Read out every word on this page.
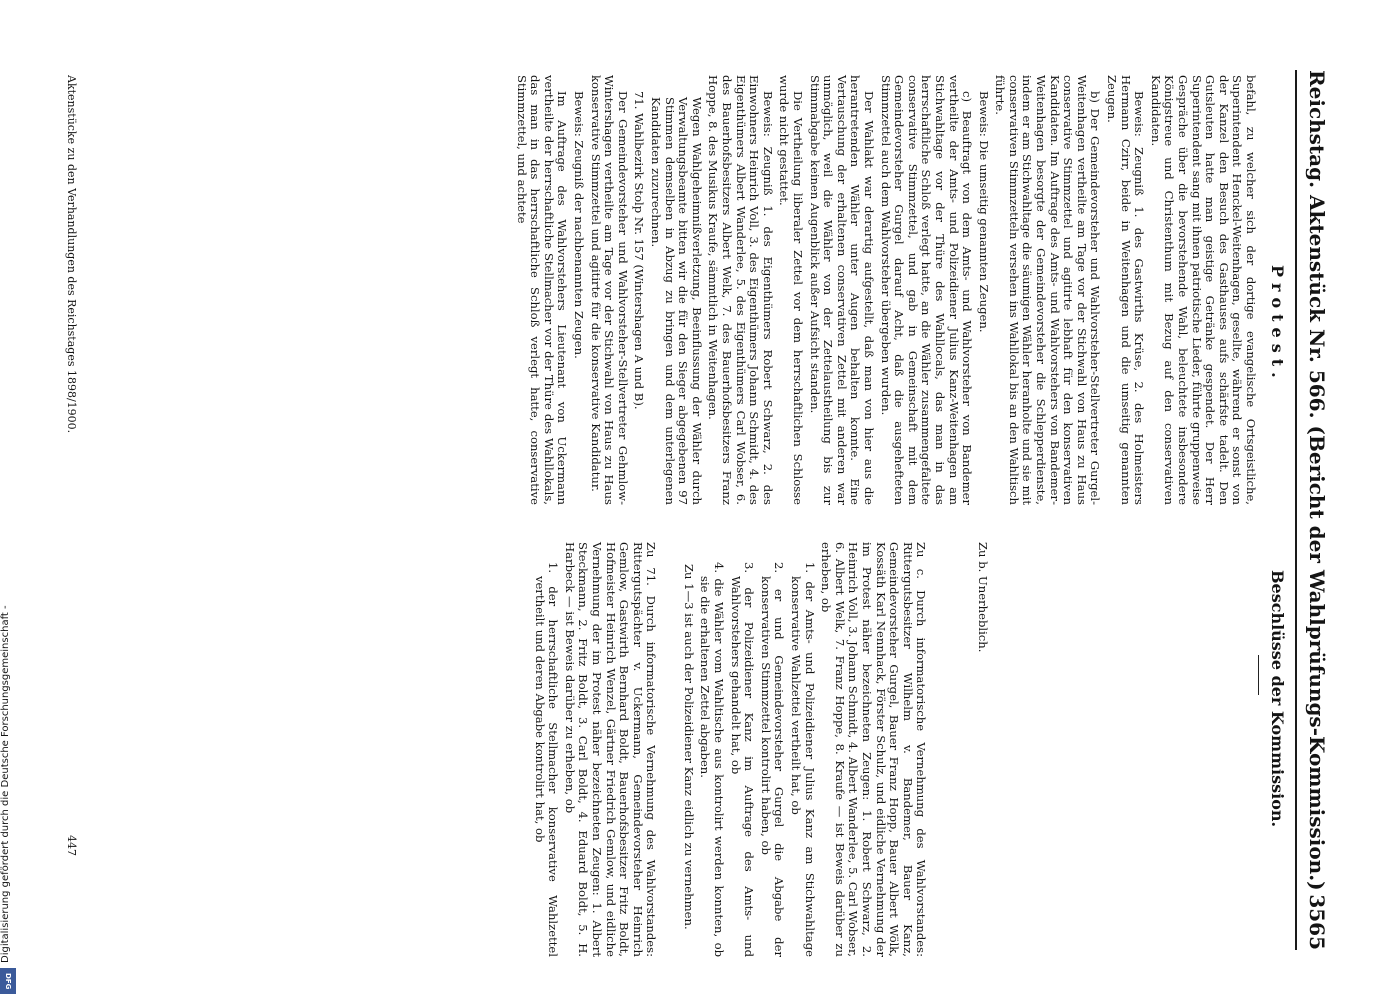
Reichstag. Aktenstück Nr. 566. (Bericht der Wahlprüfungs-Kommission.)
3565
Protest.
Beschlüsse der Kommission.

befahl, zu welcher sich der dortige evangelische Ortsgeistliche, Superintendent Henckel-Weitenhagen, gesellte, während er sonst von der Kanzel den Besuch des Gasthauses aufs schärfste tadelt. Den Gutsleuten hatte man geistige Getränke gespendet. Der Herr Superintendent sang mit ihnen patriotische Lieder, führte gruppenweise Gespräche über die bevorstehende Wahl, beleuchtete insbesondere Königstreue und Christenthum mit Bezug auf den conservativen Kandidaten.

Beweis: Zeugniß 1. des Gastwirths Krüse, 2. des Holmeisters Hermann Czirr, beide in Weitenhagen und die umseitig genannten Zeugen.

b) Der Gemeindevorsteher und Wahlvorsteher-Stellvertreter Gurgel-Weitenhagen vertheilte am Tage vor der Stichwahl von Haus zu Haus conservative Stimmzettel und agitirte lebhaft für den konservativen Kandidaten. Im Auftrage des Amts- und Wahlvorstehers von Bandemer-Weitenhagen besorgte der Gemeindevorsteher die Schlepperdienste, indem er am Stichwahltage die säumigen Wähler heranholte und sie mit conservativen Stimmzetteln versehen ins Wahllokal bis an den Wahltisch führte.

Beweis: Die umseitig genannten Zeugen.

c) Beauftragt von dem Amts- und Wahlvorsteher von Bandemer vertheilte der Amts- und Polizeidiener Julius Kanz-Weitenhagen am Stichwahltage vor der Thüre des Wahllocals, das man in das herrschaftliche Schloß verlegt hatte, an die Wähler zusammengefaltete conservative Stimmzettel, und gab in Gemeinschaft mit dem Gemeindevorsteher Gurgel darauf Acht, daß die ausgehefteten Stimmzettel auch dem Wahlvorsteher übergeben wurden.

Der Wahlakt war derartig aufgestellt, daß man von hier aus die herantretenden Wähler unter Augen behalten konnte. Eine Vertauschung der erhaltenen conservativen Zettel mit anderen war unmöglich, weil die Wähler von der Zettelaustheilung bis zur Stimmabgabe keinen Augenblick außer Aufsicht standen.

Die Vertheilung liberaler Zettel vor dem herrschaftlichen Schlosse wurde nicht gestattet.

Beweis: Zeugniß 1. des Eigenthümers Robert Schwarz, 2. des Einwohners Heinrich Voll, 3. des Eigenthümers Johann Schmidt, 4. des Eigenthümers Albert Wanderlee, 5. des Eigenthümers Carl Wobser, 6. des Bauerhofsbesitzers Albert Welk, 7. des Bauerhofsbesitzers Franz Hoppe, 8. des Musikus Kraufe, sämmtlich in Weitenhagen.

Wegen Wahlgeheimnißverletzung, Beeinflussung der Wähler durch Verwaltungsbeamte bitten wir die für den Sieger abgegebenen 97 Stimmen demselben in Abzug zu bringen und dem unterlegenen Kandidaten zuzurechnen.

71. Wahlbezirk Stolp Nr. 157 (Wintershagen A und B).

Der Gemeindevorsteher und Wahlvorsteher-Stellvertreter Gehmlow-Wintershagen vertheilte am Tage vor der Stichwahl von Haus zu Haus konservative Stimmzettel und agitirte für die konservative Kandidatur.

Beweis: Zeugniß der nachbenannten Zeugen.

Im Auftrage des Wahlvorstehers Lieutenant von Uckermann vertheilte der herrschaftliche Stellmacher vor der Thüre des Wahllokals, das man in das herrschaftliche Schloß verlegt hatte, conservative Stimmzettel, und achtete

Zu b. Unerheblich.

Zu c. Durch informatorische Vernehmung des Wahlvorstandes: Rittergutsbesitzer Wilhelm v. Bandemer, Bauer Kanz, Gemeindevorsteher Gurgel, Bauer Franz Hopp, Bauer Albert Wölk, Kossäth Karl Nennhack, Förster Schulz, und eidliche Vernehmung der im Protest näher bezeichneten Zeugen: 1. Robert Schwarz, 2. Heinrich Voll, 3. Johann Schmidt, 4. Albert Wanderlee, 5. Carl Wobser, 6. Albert Welk, 7. Franz Hoppe, 8. Kraufe — ist Beweis darüber zu erheben, ob

1. der Amts- und Polizeidiener Julius Kanz am Stichwahltage konservative Wahlzettel vertheilt hat, ob

2. er und Gemeindevorsteher Gurgel die Abgabe der konservativen Stimmzettel kontrolirt haben, ob

3. der Polizeidiener Kanz im Auftrage des Amts- und Wahlvorstehers gehandelt hat, ob

4. die Wähler vom Wahltische aus kontrolirt werden konnten, ob sie die erhaltenen Zettel abgaben.

Zu 1—3 ist auch der Polizeidiener Kanz eidlich zu vernehmen.

Zu 71. Durch informatorische Vernehmung des Wahlvorstandes: Rittergutspächter v. Uckermann, Gemeindevorsteher Heinrich Gemlow, Gastwirth Bernhard Boldt, Bauerhofsbesitzer Fritz Boldt, Hofmeister Heinrich Wenzel, Gärtner Friedrich Gemlow, und eidliche Vernehmung der im Protest näher bezeichneten Zeugen: 1. Albert Steckmann, 2. Fritz Boldt, 3. Carl Boldt, 4. Eduard Boldt, 5. H. Harbeck — ist Beweis darüber zu erheben, ob

1. der herrschaftliche Stellmacher konservative Wahlzettel vertheilt und deren Abgabe kontrolirt hat, ob

Aktenstücke zu den Verhandlungen des Reichstages 1898/1900.
447
Digitalisierung gefördert durch die Deutsche Forschungsgemeinschaft -
DFG
